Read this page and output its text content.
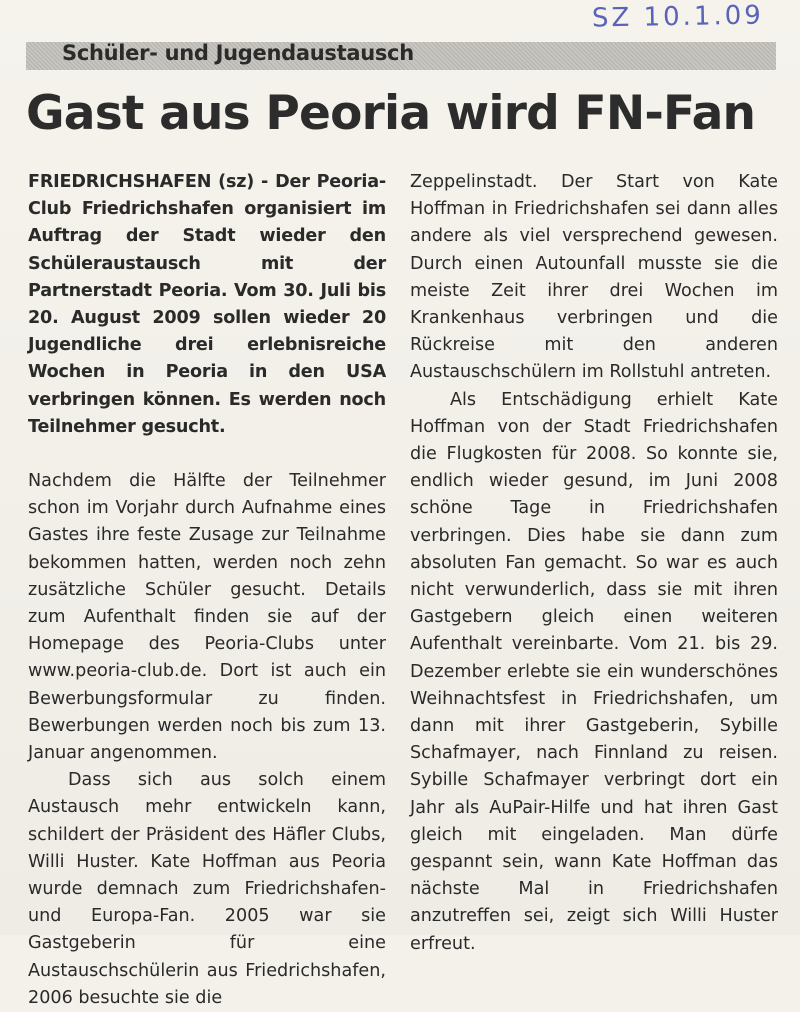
SZ 10.1.09
Schüler- und Jugendaustausch
Gast aus Peoria wird FN-Fan

FRIEDRICHSHAFEN (sz) - Der Peoria-Club Friedrichshafen organisiert im Auftrag der Stadt wieder den Schüleraustausch mit der Partnerstadt Peoria. Vom 30. Juli bis 20. August 2009 sollen wieder 20 Jugendliche drei erlebnisreiche Wochen in Peoria in den USA verbringen können. Es werden noch Teilnehmer gesucht.

Nachdem die Hälfte der Teilnehmer schon im Vorjahr durch Aufnahme eines Gastes ihre feste Zusage zur Teilnahme bekommen hatten, werden noch zehn zusätzliche Schüler gesucht. Details zum Aufenthalt finden sie auf der Homepage des Peoria-Clubs unter www.peoria-club.de. Dort ist auch ein Bewerbungsformular zu finden. Bewerbungen werden noch bis zum 13. Januar angenommen.

Dass sich aus solch einem Austausch mehr entwickeln kann, schildert der Präsident des Häfler Clubs, Willi Huster. Kate Hoffman aus Peoria wurde demnach zum Friedrichshafen- und Europa-Fan. 2005 war sie Gastgeberin für eine Austauschschülerin aus Friedrichshafen, 2006 besuchte sie die

Zeppelinstadt. Der Start von Kate Hoffman in Friedrichshafen sei dann alles andere als viel versprechend gewesen. Durch einen Autounfall musste sie die meiste Zeit ihrer drei Wochen im Krankenhaus verbringen und die Rückreise mit den anderen Austauschschülern im Rollstuhl antreten.

Als Entschädigung erhielt Kate Hoffman von der Stadt Friedrichshafen die Flugkosten für 2008. So konnte sie, endlich wieder gesund, im Juni 2008 schöne Tage in Friedrichshafen verbringen. Dies habe sie dann zum absoluten Fan gemacht. So war es auch nicht verwunderlich, dass sie mit ihren Gastgebern gleich einen weiteren Aufenthalt vereinbarte. Vom 21. bis 29. Dezember erlebte sie ein wunderschönes Weihnachtsfest in Friedrichshafen, um dann mit ihrer Gastgeberin, Sybille Schafmayer, nach Finnland zu reisen. Sybille Schafmayer verbringt dort ein Jahr als AuPair-Hilfe und hat ihren Gast gleich mit eingeladen. Man dürfe gespannt sein, wann Kate Hoffman das nächste Mal in Friedrichshafen anzutreffen sei, zeigt sich Willi Huster erfreut.
